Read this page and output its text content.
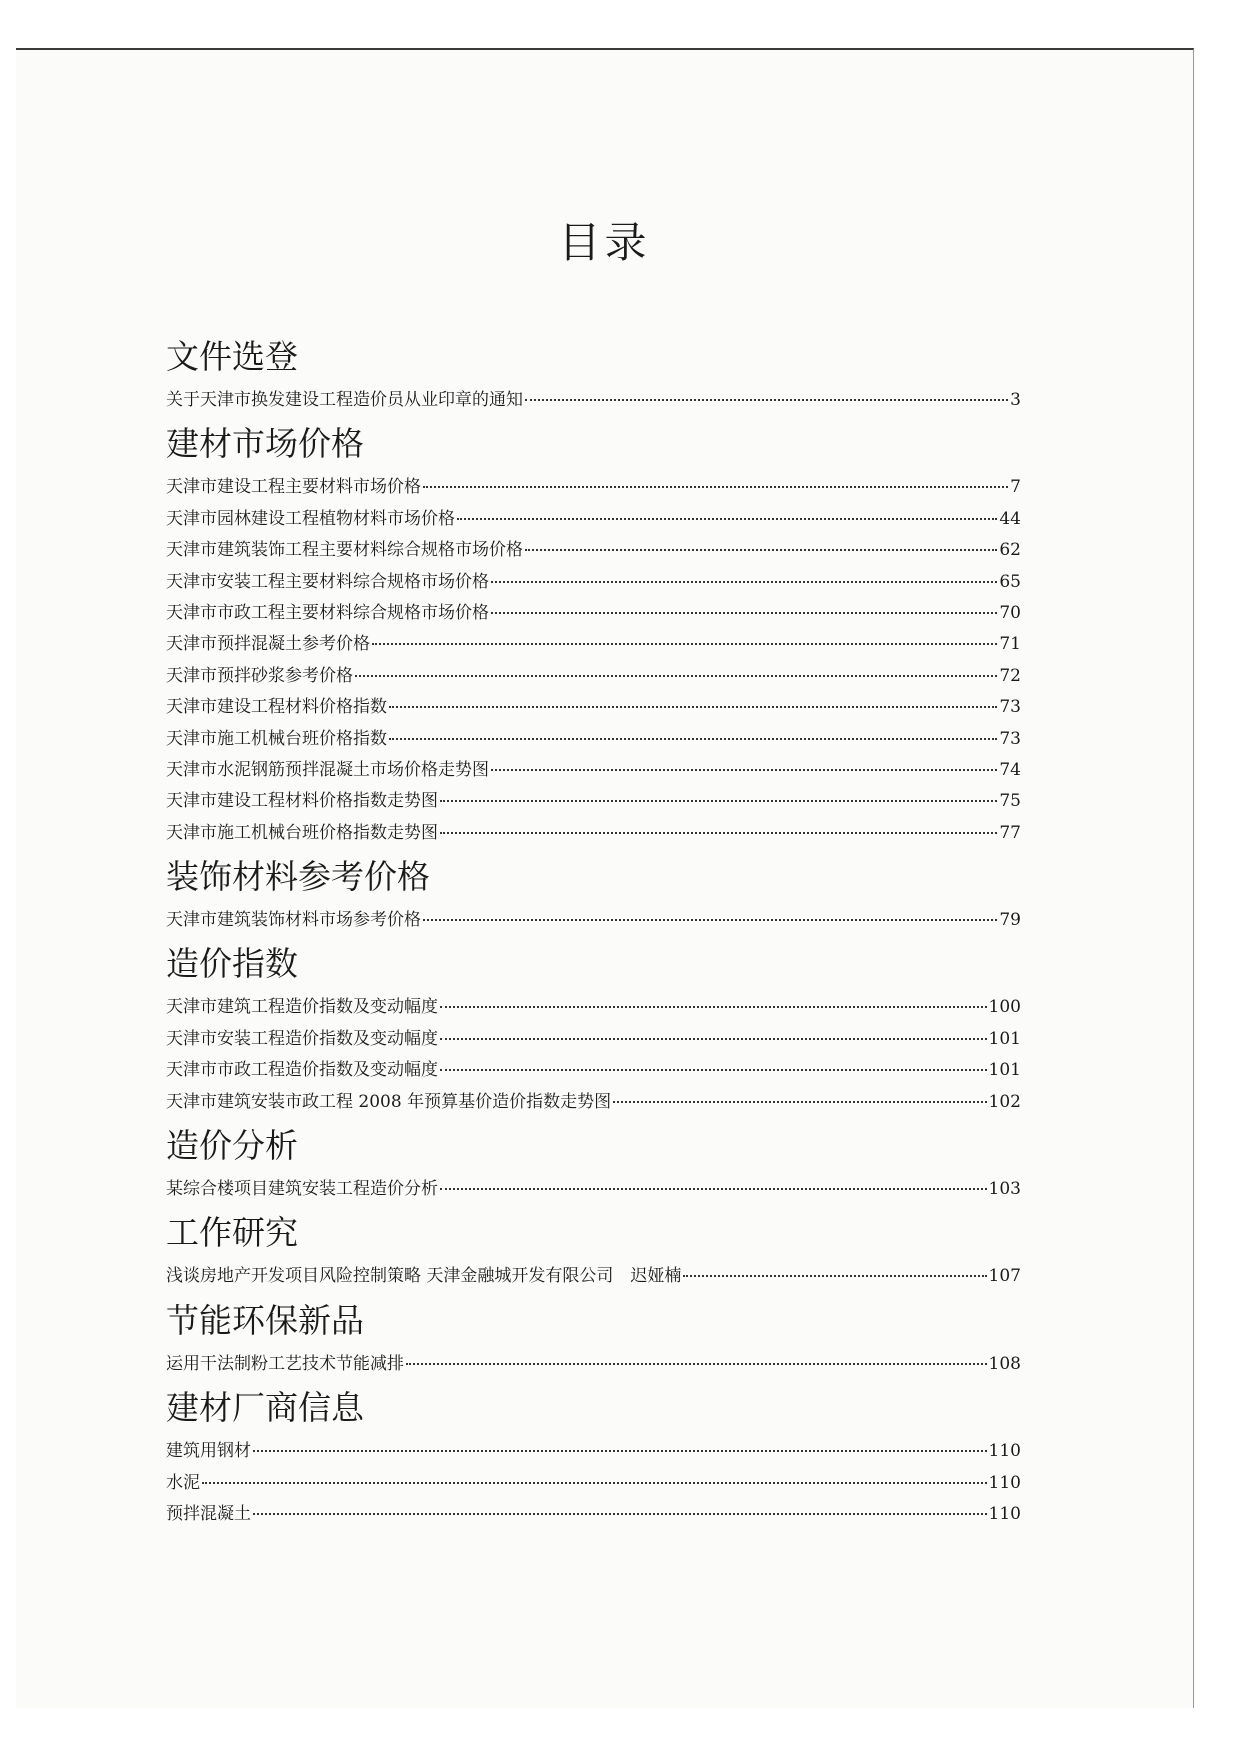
目录
文件选登
关于天津市换发建设工程造价员从业印章的通知	3
建材市场价格
天津市建设工程主要材料市场价格	7
天津市园林建设工程植物材料市场价格	44
天津市建筑装饰工程主要材料综合规格市场价格	62
天津市安装工程主要材料综合规格市场价格	65
天津市市政工程主要材料综合规格市场价格	70
天津市预拌混凝土参考价格	71
天津市预拌砂浆参考价格	72
天津市建设工程材料价格指数	73
天津市施工机械台班价格指数	73
天津市水泥钢筋预拌混凝土市场价格走势图	74
天津市建设工程材料价格指数走势图	75
天津市施工机械台班价格指数走势图	77
装饰材料参考价格
天津市建筑装饰材料市场参考价格	79
造价指数
天津市建筑工程造价指数及变动幅度	100
天津市安装工程造价指数及变动幅度	101
天津市市政工程造价指数及变动幅度	101
天津市建筑安装市政工程 2008 年预算基价造价指数走势图	102
造价分析
某综合楼项目建筑安装工程造价分析	103
工作研究
浅谈房地产开发项目风险控制策略 天津金融城开发有限公司　迟娅楠	107
节能环保新品
运用干法制粉工艺技术节能减排	108
建材厂商信息
建筑用钢材	110
水泥	110
预拌混凝土	110
